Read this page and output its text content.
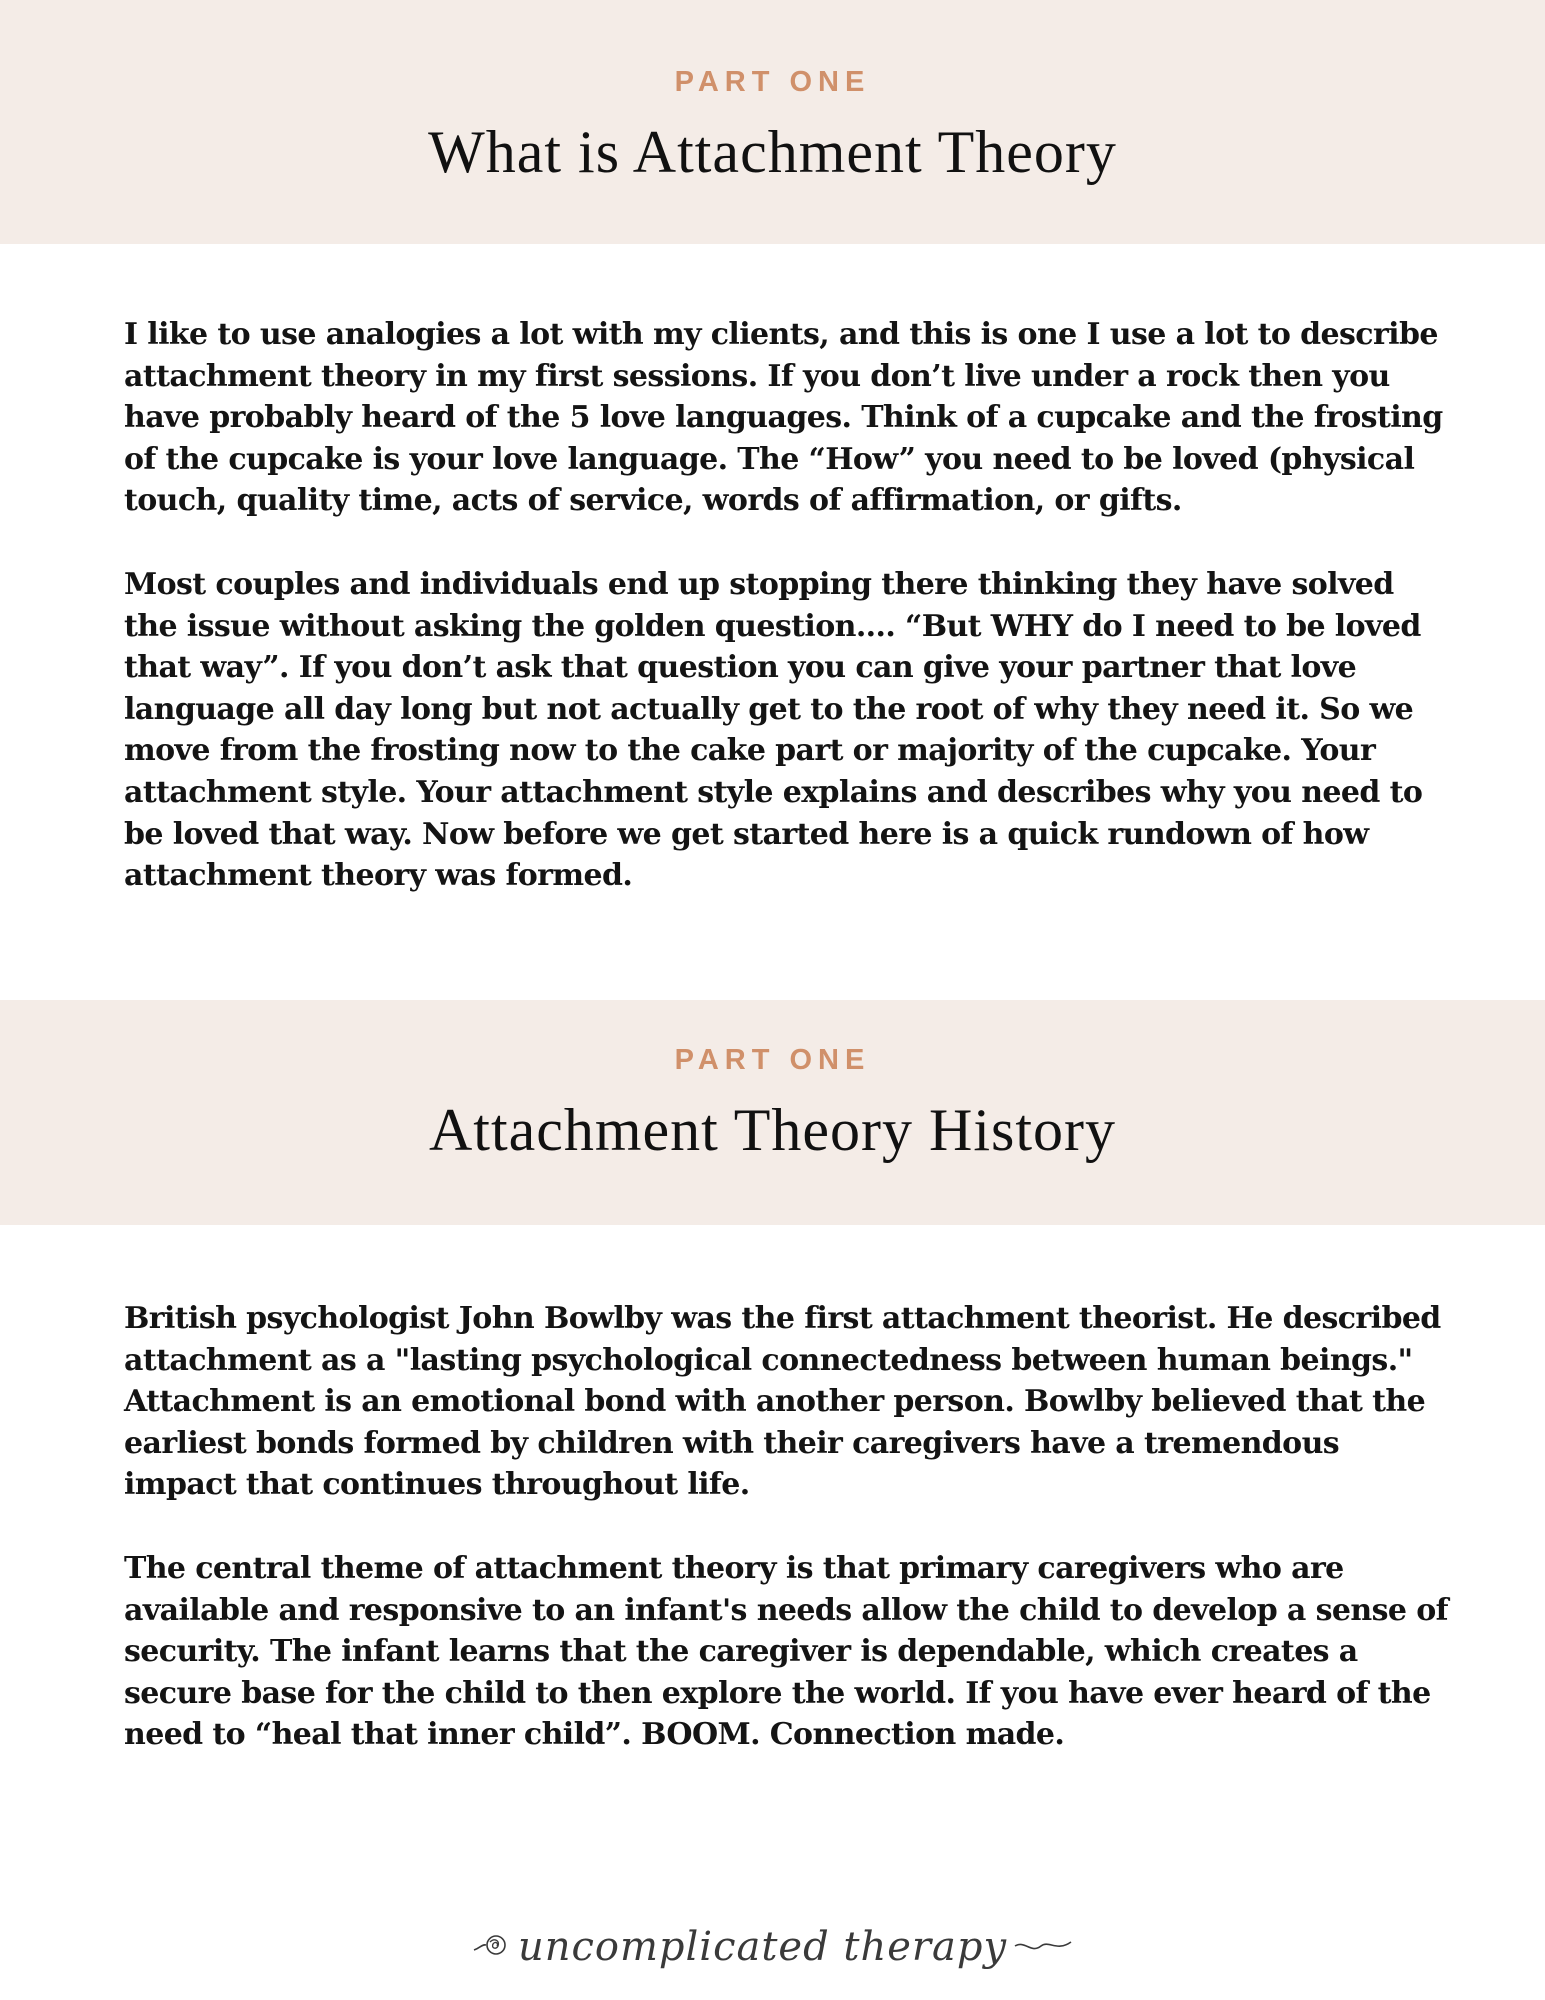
PART ONE
What is Attachment Theory

I like to use analogies a lot with my clients, and this is one I use a lot to describe attachment theory in my first sessions. If you don’t live under a rock then you have probably heard of the 5 love languages. Think of a cupcake and the frosting of the cupcake is your love language. The “How” you need to be loved (physical touch, quality time, acts of service, words of affirmation, or gifts.

Most couples and individuals end up stopping there thinking they have solved the issue without asking the golden question.... “But WHY do I need to be loved that way”. If you don’t ask that question you can give your partner that love language all day long but not actually get to the root of why they need it. So we move from the frosting now to the cake part or majority of the cupcake. Your attachment style. Your attachment style explains and describes why you need to be loved that way. Now before we get started here is a quick rundown of how attachment theory was formed.

PART ONE
Attachment Theory History

British psychologist John Bowlby was the first attachment theorist. He described attachment as a "lasting psychological connectedness between human beings." Attachment is an emotional bond with another person. Bowlby believed that the earliest bonds formed by children with their caregivers have a tremendous impact that continues throughout life.

The central theme of attachment theory is that primary caregivers who are available and responsive to an infant's needs allow the child to develop a sense of security. The infant learns that the caregiver is dependable, which creates a secure base for the child to then explore the world. If you have ever heard of the need to “heal that inner child”. BOOM. Connection made.

uncomplicated therapy
